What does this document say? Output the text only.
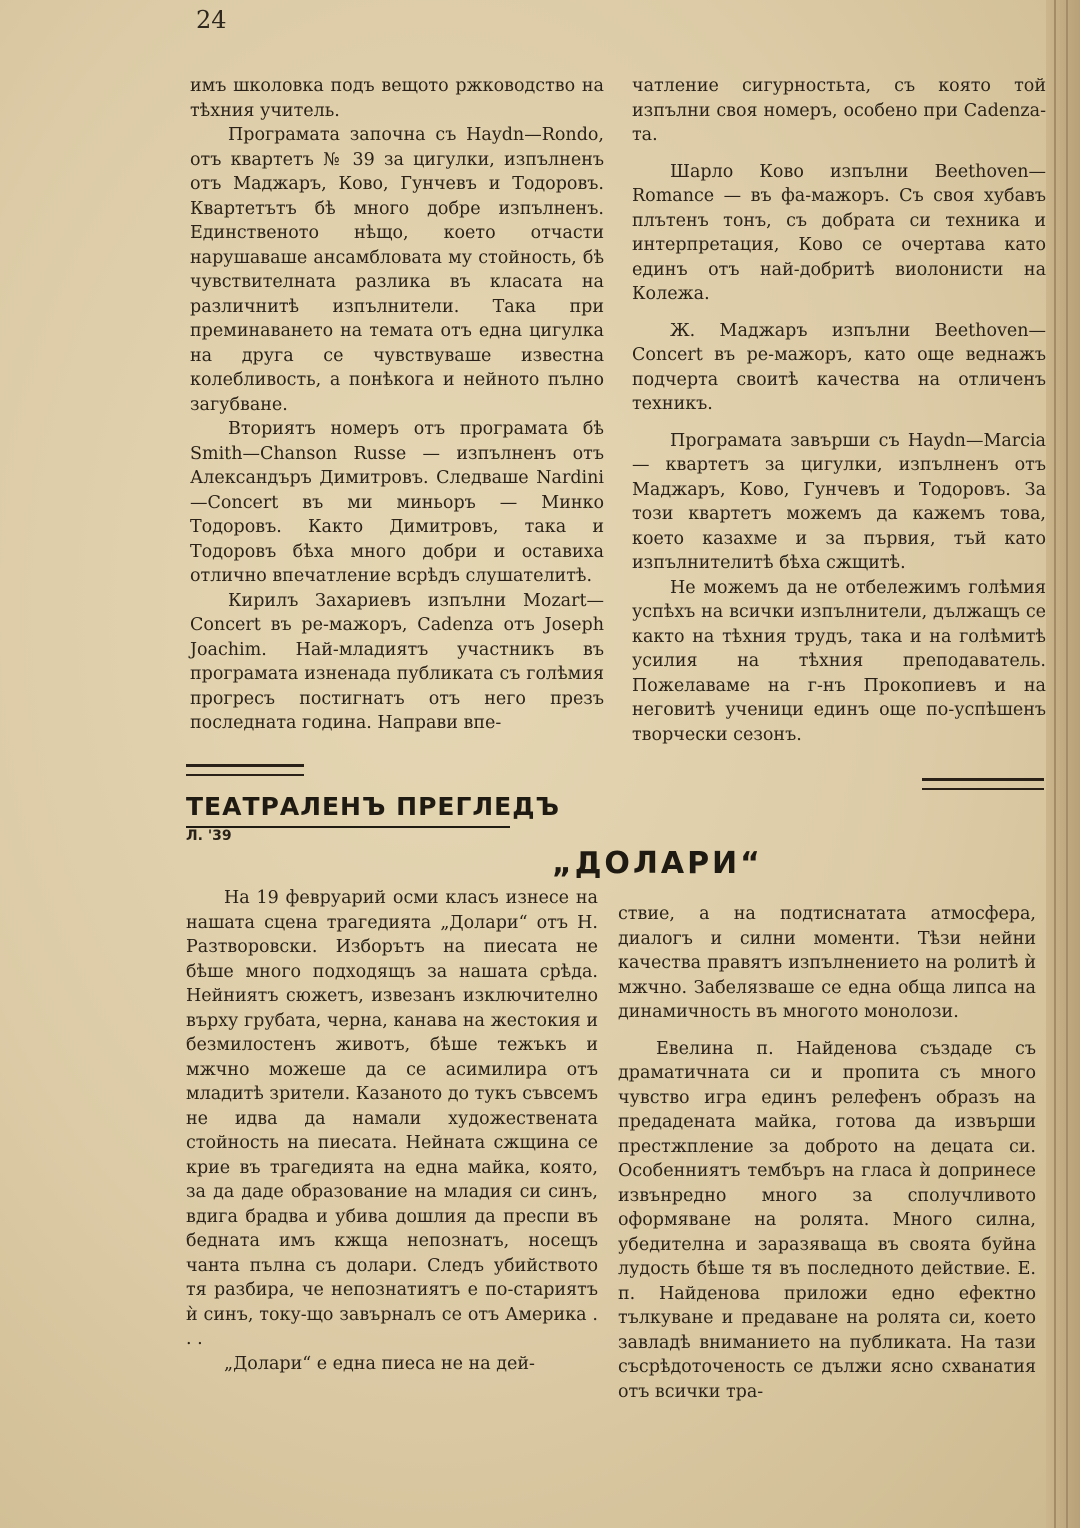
24

имъ школовка подъ вещото ржководство на тѣхния учитель.

Програмата започна съ Haydn—Rondo, отъ квартетъ № 39 за цигулки, изпълненъ отъ Маджаръ, Ково, Гунчевъ и Тодоровъ. Квартетътъ бѣ много добре изпълненъ. Единственото нѣщо, което отчасти нарушаваше ансамбловата му стойность, бѣ чувствителната разлика въ класата на различнитѣ изпълнители. Така при преминаването на темата отъ една цигулка на друга се чувствуваше известна колебливость, а понѣкога и нейното пълно загубване.

Вториятъ номеръ отъ програмата бѣ Smith—Chanson Russe — изпълненъ отъ Александъръ Димитровъ. Следваше Nardini—Concert въ ми миньоръ — Минко Тодоровъ. Както Димитровъ, така и Тодоровъ бѣха много добри и оставиха отлично впечатление всрѣдъ слушателитѣ.

Кирилъ Захариевъ изпълни Mozart—Concert въ ре-мажоръ, Cadenza отъ Joseph Joachim. Най-младиятъ участникъ въ програмата изненада публиката съ голѣмия прогресъ постигнатъ отъ него презъ последната година. Направи впе-

чатление сигурностьта, съ която той изпълни своя номеръ, особено при Cadenza-та.

Шарло Ково изпълни Beethoven—Romance — въ фа-мажоръ. Съ своя хубавъ плътенъ тонъ, съ добрата си техника и интерпретация, Ково се очертава като единъ отъ най-добритѣ виолонисти на Колежа.

Ж. Маджаръ изпълни Beethoven—Concert въ ре-мажоръ, като още веднажъ подчерта своитѣ качества на отличенъ техникъ.

Програмата завърши съ Haydn—Marcia — квартетъ за цигулки, изпълненъ отъ Маджаръ, Ково, Гунчевъ и Тодоровъ. За този квартетъ можемъ да кажемъ това, което казахме и за първия, тъй като изпълнителитѣ бѣха сжщитѣ.

Не можемъ да не отбележимъ голѣмия успѣхъ на всички изпълнители, дължащъ се както на тѣхния трудъ, така и на голѣмитѣ усилия на тѣхния преподаватель. Пожелаваме на г-нъ Прокопиевъ и на неговитѣ ученици единъ още по-успѣшенъ творчески сезонъ.

ТЕАТРАЛЕНЪ ПРЕГЛЕДЪ
Л. '39
„ДОЛАРИ“

На 19 февруарий осми класъ изнесе на нашата сцена трагедията „Долари“ отъ Н. Разтворовски. Изборътъ на пиесата не бѣше много подходящъ за нашата срѣда. Нейниятъ сюжетъ, извезанъ изключително върху грубата, черна, канава на жестокия и безмилостенъ животъ, бѣше тежъкъ и мжчно можеше да се асимилира отъ младитѣ зрители. Казаното до тукъ съвсемъ не идва да намали художествената стойность на пиесата. Нейната сжщина се крие въ трагедията на една майка, която, за да даде образование на младия си синъ, вдига брадва и убива дошлия да преспи въ бедната имъ кжща непознатъ, носещъ чанта пълна съ долари. Следъ убийството тя разбира, че непознатиятъ е по-стариятъ ѝ синъ, току-що завърналъ се отъ Америка . . .

„Долари“ е една пиеса не на дей-

ствие, а на подтиснатата атмосфера, диалогъ и силни моменти. Тѣзи нейни качества правятъ изпълнението на ролитѣ ѝ мжчно. Забелязваше се една обща липса на динамичность въ многото монолози.

Евелина п. Найденова създаде съ драматичната си и пропита съ много чувство игра единъ релефенъ образъ на предадената майка, готова да извърши престжпление за доброто на децата си. Особенниятъ тембъръ на гласа ѝ допринесе извънредно много за сполучливото оформяване на ролята. Много силна, убедителна и заразяваща въ своята буйна лудость бѣше тя въ последното действие. Е. п. Найденова приложи едно ефектно тълкуване и предаване на ролята си, което завладѣ вниманието на публиката. На тази съсрѣдоточеность се дължи ясно схванатия отъ всички тра-
